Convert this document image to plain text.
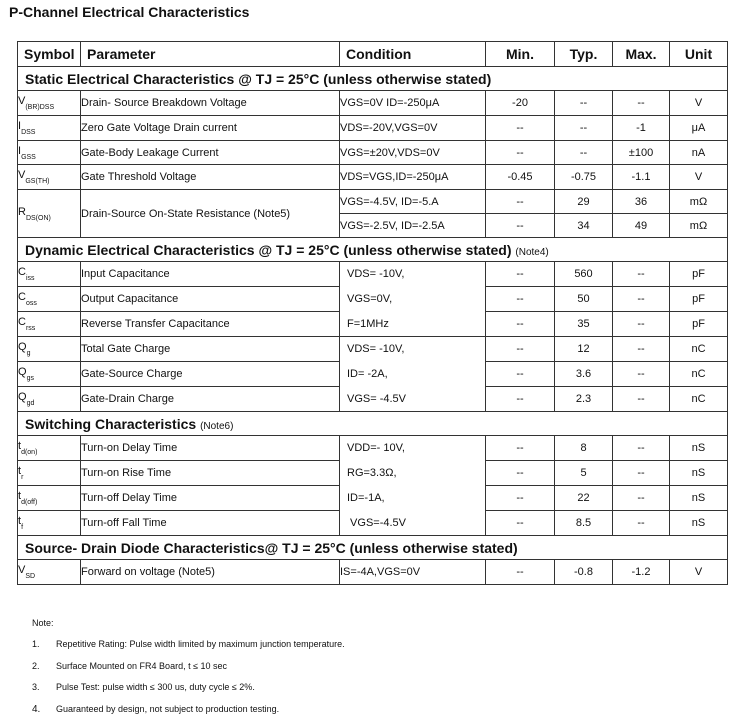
P-Channel Electrical Characteristics
Symbol	Parameter	Condition	Min.	Typ.	Max.	Unit
Static Electrical Characteristics @ TJ = 25°C (unless otherwise stated)						
$V_{(BR)DSS}$	Drain- Source Breakdown Voltage	VGS=0V ID=-250μA	-20	--	--	V
$I_{DSS}$	Zero Gate Voltage Drain current	VDS=-20V,VGS=0V	--	--	-1	μA
$I_{GSS}$	Gate-Body Leakage Current	VGS=±20V,VDS=0V	--	--	±100	nA
$V_{GS(TH)}$	Gate Threshold Voltage	VDS=VGS,ID=-250μA	-0.45	-0.75	-1.1	V
$R_{DS(ON)}$	Drain-Source On-State Resistance (Note5)	VGS=-4.5V, ID=-5.A	--	29	36	mΩ
		VGS=-2.5V, ID=-2.5A	--	34	49	mΩ
Dynamic Electrical Characteristics @ TJ = 25°C (unless otherwise stated) (Note4)						
$C_{iss}$	Input Capacitance	VDS= -10V,
VGS=0V,
F=1MHz	--	560	--	pF
$C_{oss}$	Output Capacitance		--	50	--	pF
$C_{rss}$	Reverse Transfer Capacitance		--	35	--	pF
$Q_g$	Total Gate Charge	VDS= -10V,
ID= -2A,
VGS= -4.5V	--	12	--	nC
$Q_{gs}$	Gate-Source Charge		--	3.6	--	nC
$Q_{gd}$	Gate-Drain Charge		--	2.3	--	nC
Switching Characteristics (Note6)						
$t_{d(on)}$	Turn-on Delay Time	VDD=- 10V,
RG=3.3Ω,
ID=-1A,
VGS=-4.5V	--	8	--	nS
$t_r$	Turn-on Rise Time		--	5	--	nS
$t_{d(off)}$	Turn-off Delay Time		--	22	--	nS
$t_f$	Turn-off Fall Time		--	8.5	--	nS
Source- Drain Diode Characteristics@ TJ = 25°C (unless otherwise stated)						
$V_{SD}$	Forward on voltage (Note5)	IS=-4A,VGS=0V	--	-0.8	-1.2	V
Note:
1.	Repetitive Rating: Pulse width limited by maximum junction temperature.
2.	Surface Mounted on FR4 Board, t ≤ 10 sec
3.	Pulse Test: pulse width ≤ 300 us, duty cycle ≤ 2%.
4.	Guaranteed by design, not subject to production testing.
